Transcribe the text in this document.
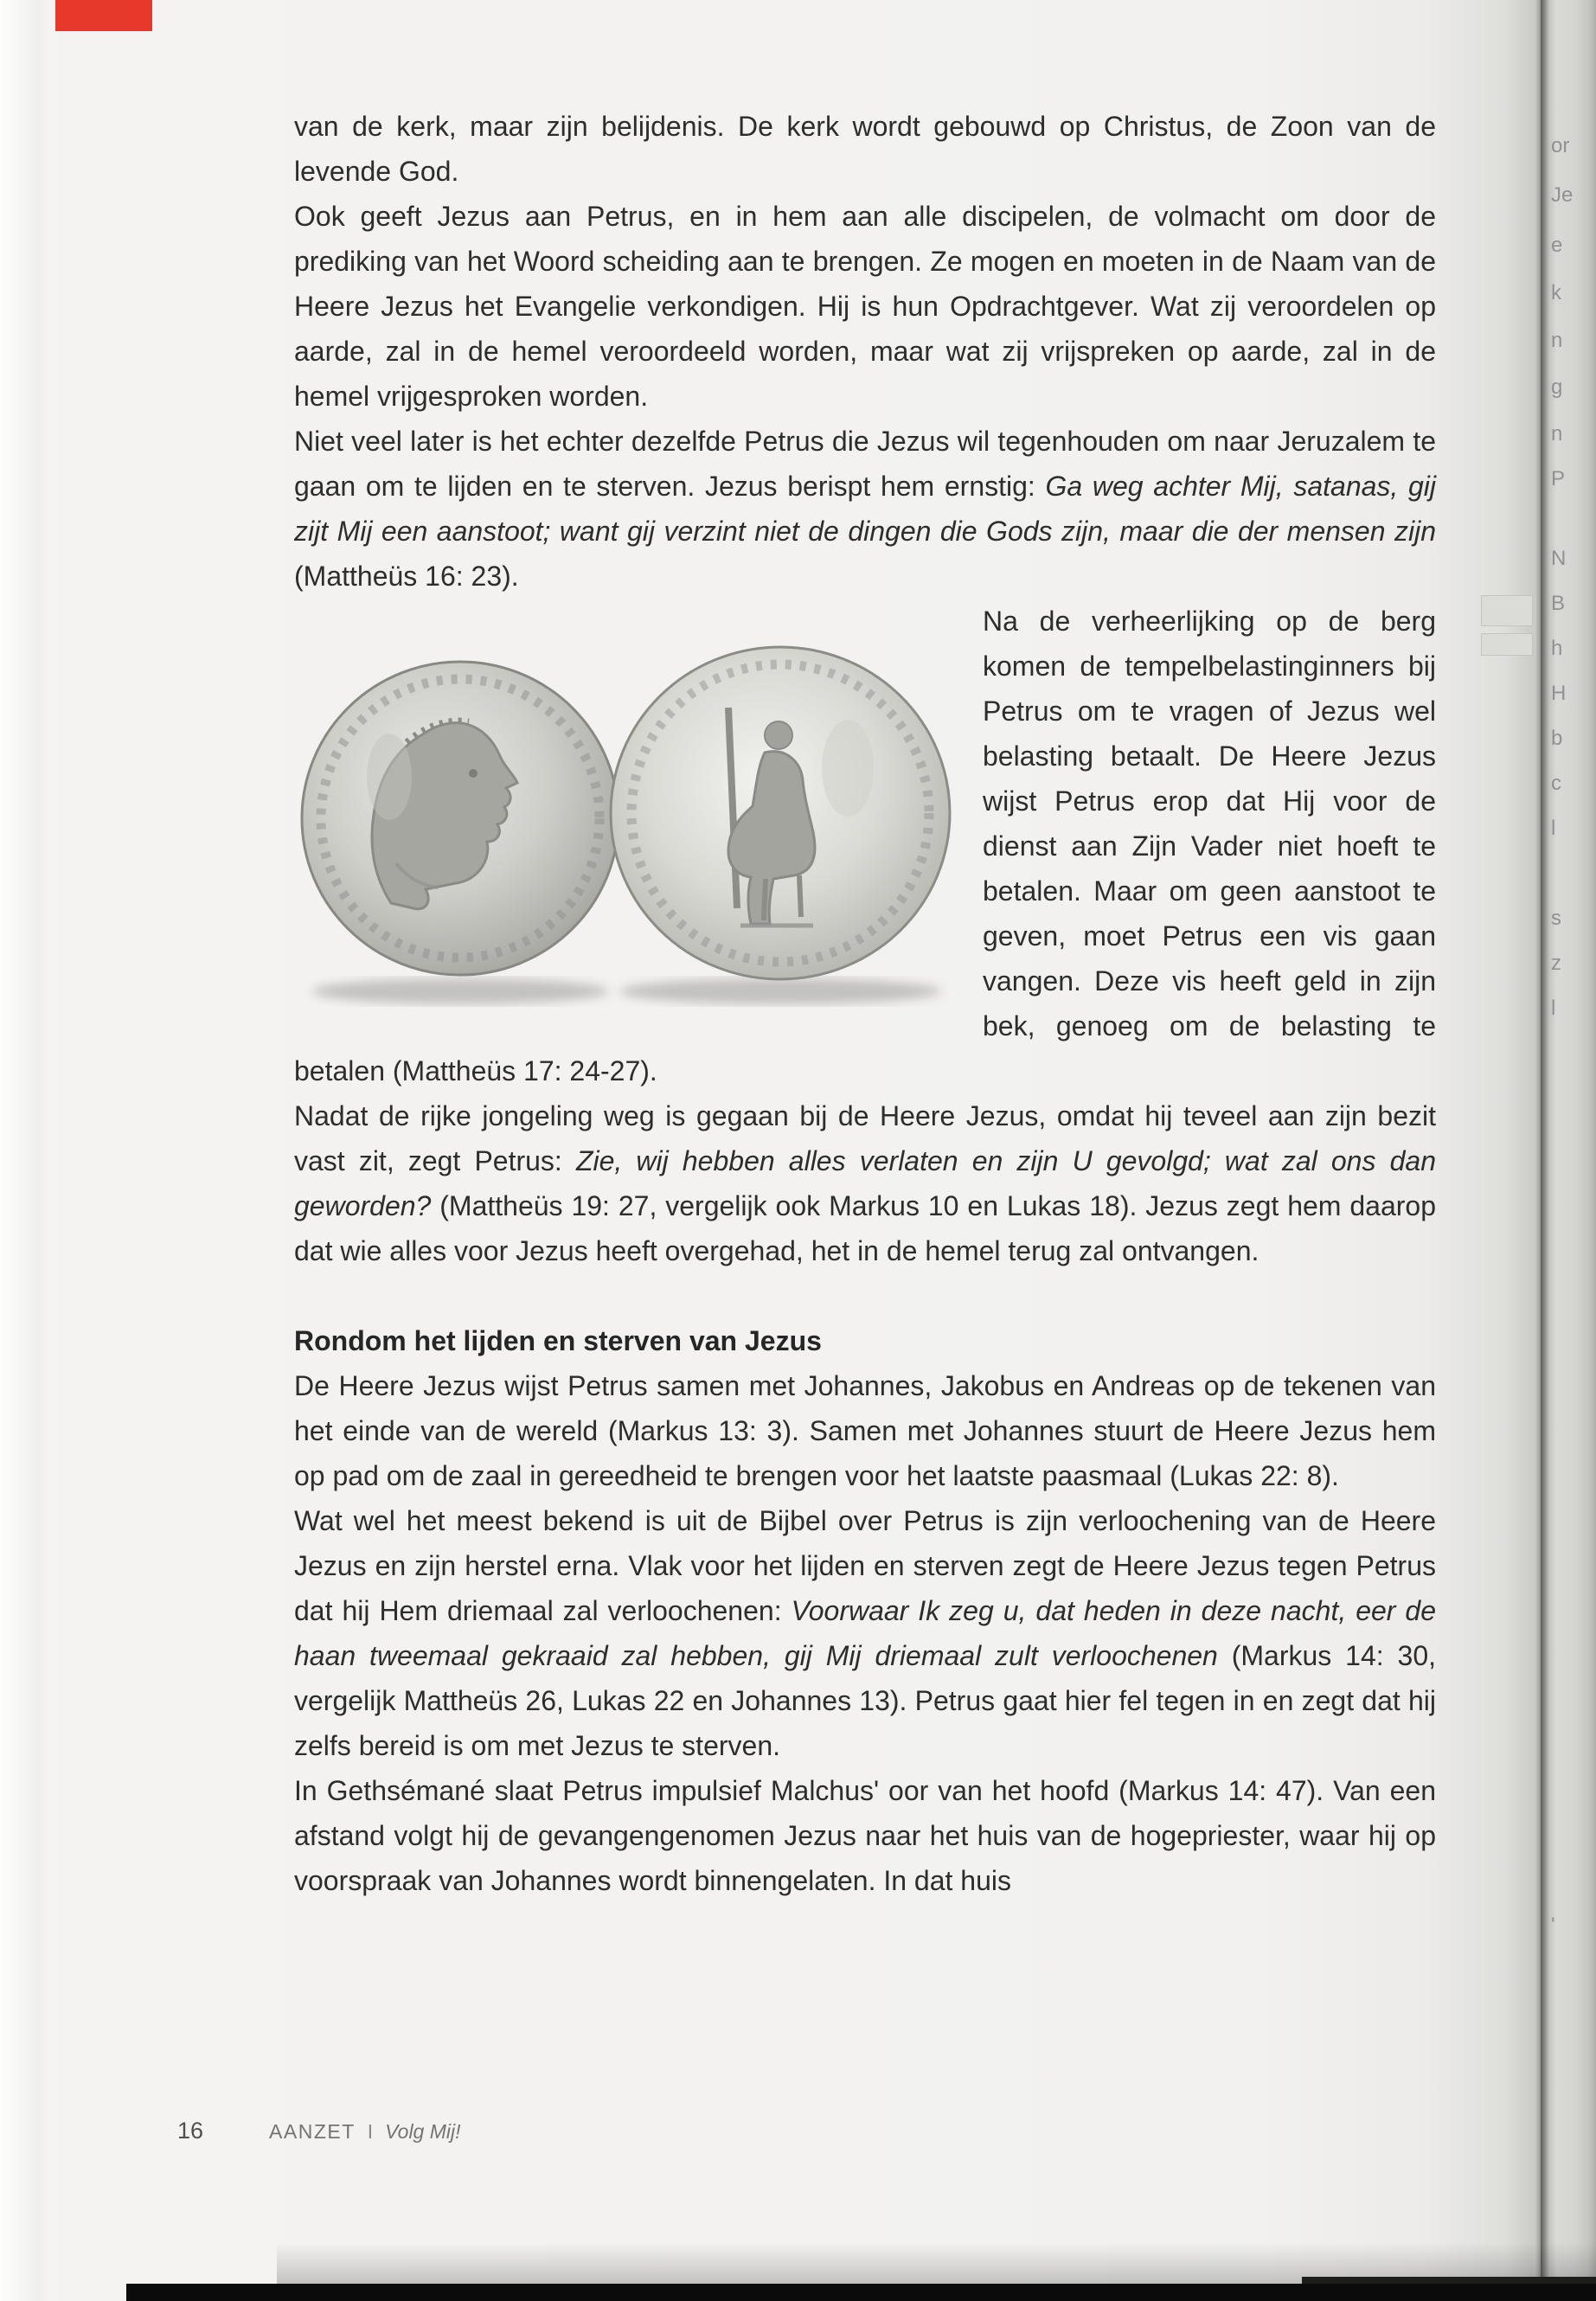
van de kerk, maar zijn belijdenis. De kerk wordt gebouwd op Christus, de Zoon van de levende God.

Ook geeft Jezus aan Petrus, en in hem aan alle discipelen, de volmacht om door de prediking van het Woord scheiding aan te brengen. Ze mogen en moeten in de Naam van de Heere Jezus het Evangelie verkondigen. Hij is hun Opdrachtgever. Wat zij veroordelen op aarde, zal in de hemel veroordeeld worden, maar wat zij vrijspreken op aarde, zal in de hemel vrijgesproken worden.

Niet veel later is het echter dezelfde Petrus die Jezus wil tegenhouden om naar Jeruzalem te gaan om te lijden en te sterven. Jezus berispt hem ernstig: Ga weg achter Mij, satanas, gij zijt Mij een aanstoot; want gij verzint niet de dingen die Gods zijn, maar die der mensen zijn (Mattheüs 16: 23).

Na de verheerlijking op de berg komen de tempelbelastinginners bij Petrus om te vragen of Jezus wel belasting betaalt. De Heere Jezus wijst Petrus erop dat Hij voor de dienst aan Zijn Vader niet hoeft te betalen. Maar om geen aanstoot te geven, moet Petrus een vis gaan vangen. Deze vis heeft geld in zijn bek, genoeg om de belasting te betalen (Mattheüs 17: 24-27).

Nadat de rijke jongeling weg is gegaan bij de Heere Jezus, omdat hij teveel aan zijn bezit vast zit, zegt Petrus: Zie, wij hebben alles verlaten en zijn U gevolgd; wat zal ons dan geworden? (Mattheüs 19: 27, vergelijk ook Markus 10 en Lukas 18). Jezus zegt hem daarop dat wie alles voor Jezus heeft overgehad, het in de hemel terug zal ontvangen.

Rondom het lijden en sterven van Jezus

De Heere Jezus wijst Petrus samen met Johannes, Jakobus en Andreas op de tekenen van het einde van de wereld (Markus 13: 3). Samen met Johannes stuurt de Heere Jezus hem op pad om de zaal in gereedheid te brengen voor het laatste paasmaal (Lukas 22: 8).

Wat wel het meest bekend is uit de Bijbel over Petrus is zijn verloochening van de Heere Jezus en zijn herstel erna. Vlak voor het lijden en sterven zegt de Heere Jezus tegen Petrus dat hij Hem driemaal zal verloochenen: Voorwaar Ik zeg u, dat heden in deze nacht, eer de haan tweemaal gekraaid zal hebben, gij Mij driemaal zult verloochenen (Markus 14: 30, vergelijk Mattheüs 26, Lukas 22 en Johannes 13). Petrus gaat hier fel tegen in en zegt dat hij zelfs bereid is om met Jezus te sterven.

In Gethsémané slaat Petrus impulsief Malchus' oor van het hoofd (Markus 14: 47). Van een afstand volgt hij de gevangengenomen Jezus naar het huis van de hogepriester, waar hij op voorspraak van Johannes wordt binnengelaten. In dat huis

16	AANZET I Volg Mij!
or
Je
e
k
n
g
n
P
N
B
h
H
b
c
l
s
z
l
'
